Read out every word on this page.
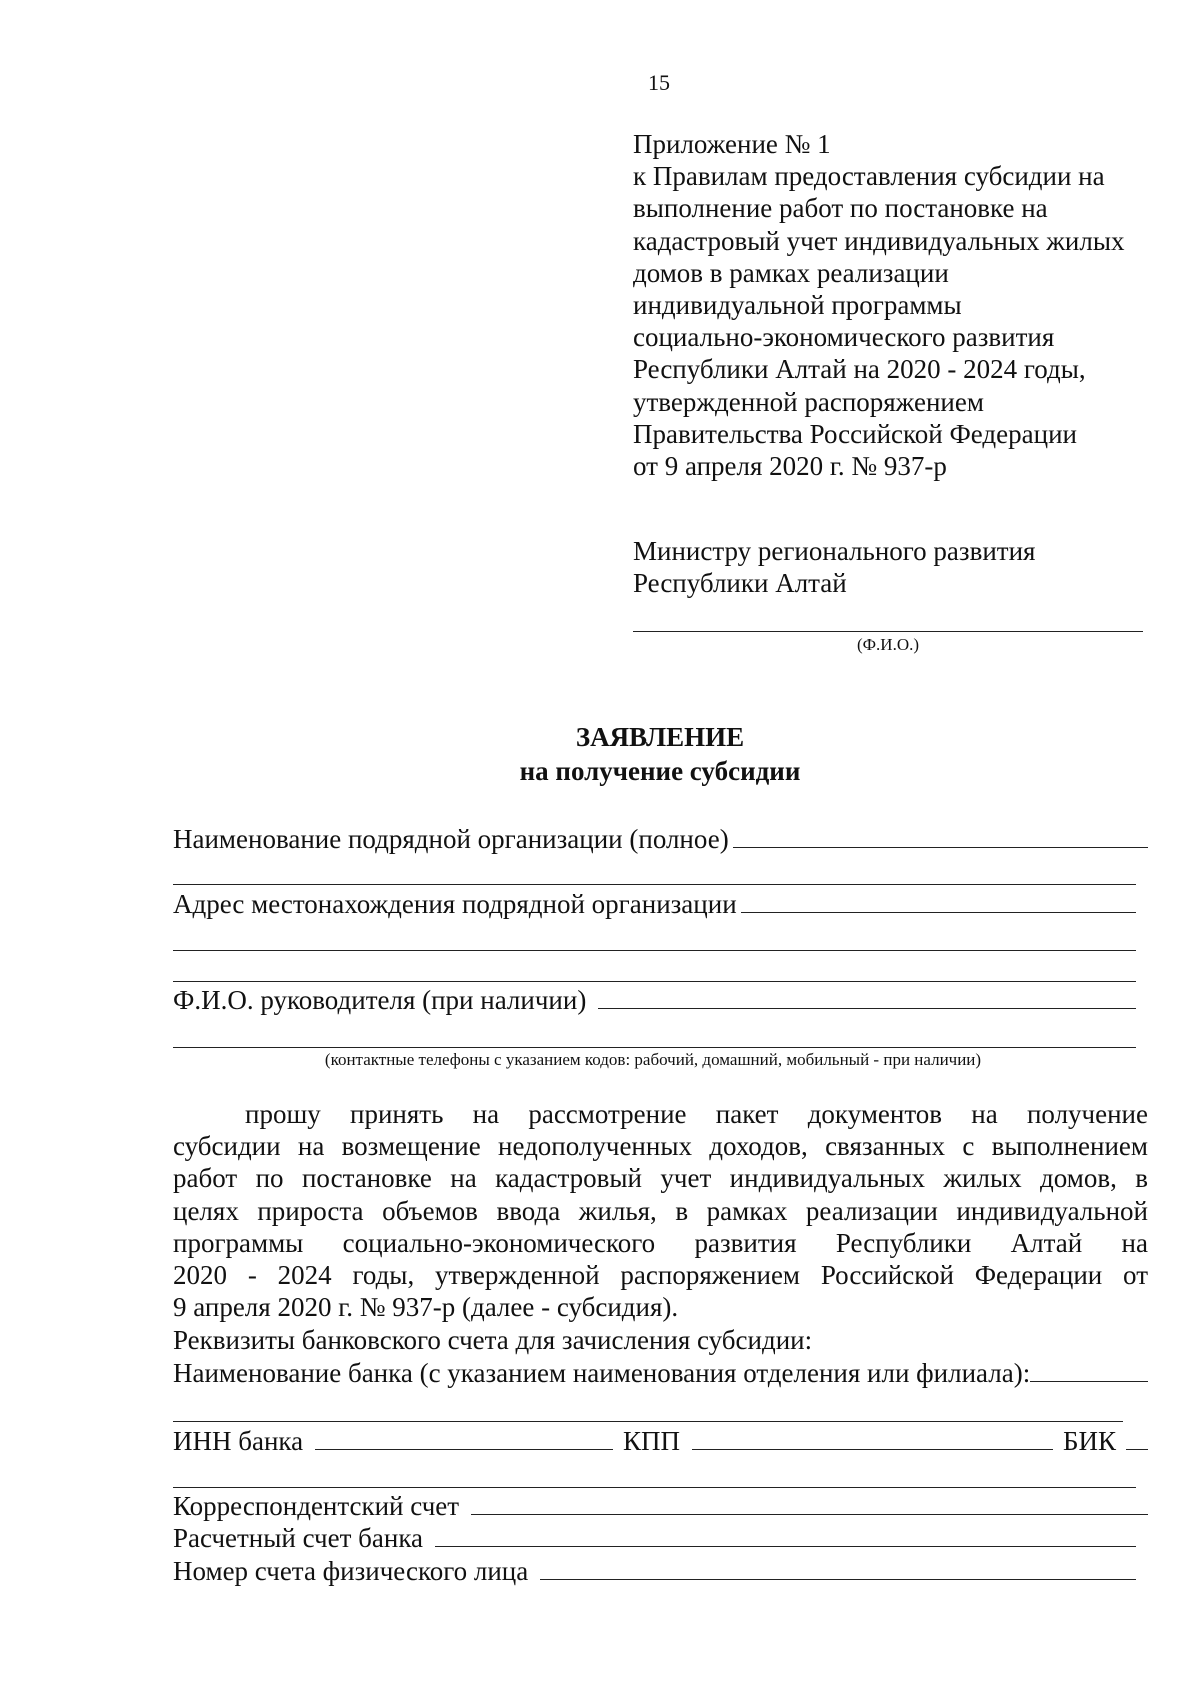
15
Приложение № 1
к Правилам предоставления субсидии на
выполнение работ по постановке на
кадастровый учет индивидуальных жилых
домов в рамках реализации
индивидуальной программы
социально-экономического развития
Республики Алтай на 2020 - 2024 годы,
утвержденной распоряжением
Правительства Российской Федерации
от 9 апреля 2020 г. № 937-р
Министру регионального развития
Республики Алтай
(Ф.И.О.)
ЗАЯВЛЕНИЕ
на получение субсидии
Наименование подрядной организации (полное)
Адрес местонахождения подрядной организации
Ф.И.О. руководителя (при наличии)
(контактные телефоны с указанием кодов: рабочий, домашний, мобильный - при наличии)

прошу принять на рассмотрение пакет документов на получение
субсидии на возмещение недополученных доходов, связанных с выполнением
работ по постановке на кадастровый учет индивидуальных жилых домов, в
целях прироста объемов ввода жилья, в рамках реализации индивидуальной
программы социально-экономического развития Республики Алтай на
2020 - 2024 годы, утвержденной распоряжением Российской Федерации от
9 апреля 2020 г. № 937-р (далее - субсидия).

Реквизиты банковского счета для зачисления субсидии:
Наименование банка (с указанием наименования отделения или филиала):
ИНН банка	КПП	БИК
Корреспондентский счет
Расчетный счет банка
Номер счета физического лица
